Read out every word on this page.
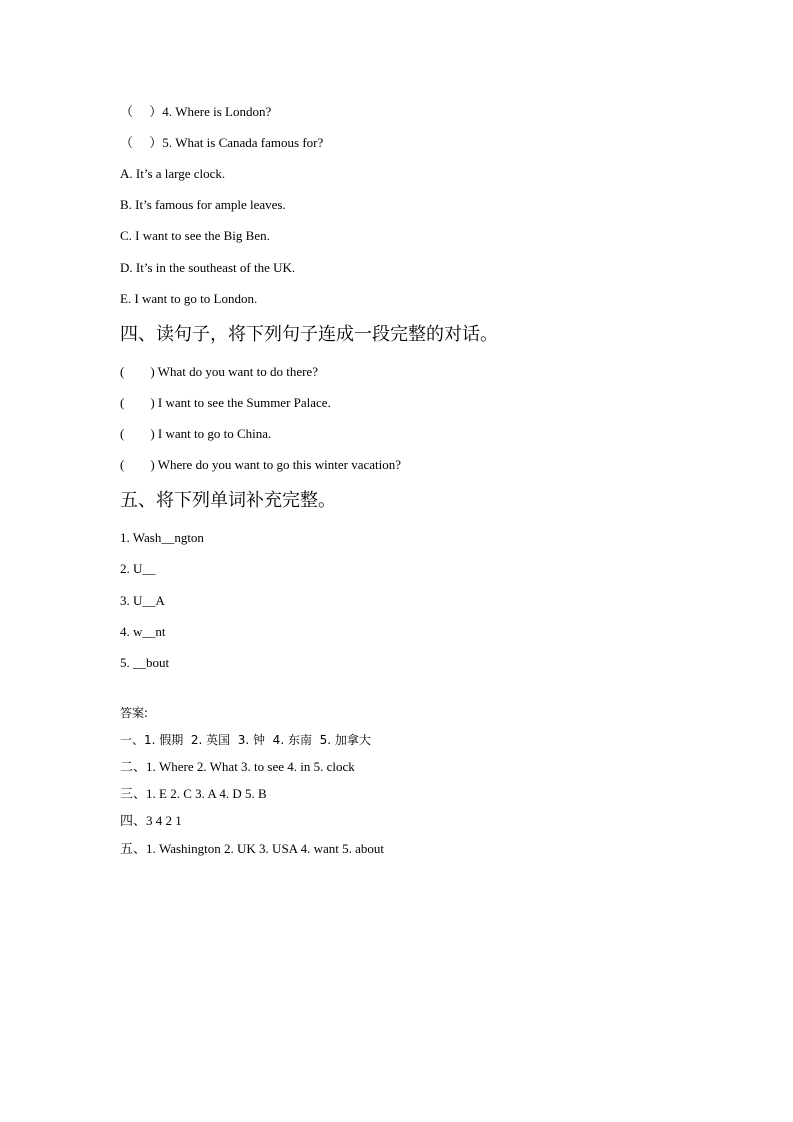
（     ）4. Where is London?
（     ）5. What is Canada famous for?
A. It’s a large clock.
B. It’s famous for ample leaves.
C. I want to see the Big Ben.
D. It’s in the southeast of the UK.
E. I want to go to London.
四、读句子，将下列句子连成一段完整的对话。
(        ) What do you want to do there?
(        ) I want to see the Summer Palace.
(        ) I want to go to China.
(        ) Where do you want to go this winter vacation?
五、将下列单词补充完整。
1. Wash__ngton
2. U__
3. U__A
4. w__nt
5. __bout
答案:
一、1. 假期  2. 英国  3. 钟  4. 东南  5. 加拿大
二、1. Where 2. What 3. to see 4. in 5. clock
三、1. E 2. C 3. A 4. D 5. B
四、3 4 2 1
五、1. Washington 2. UK 3. USA 4. want 5. about
